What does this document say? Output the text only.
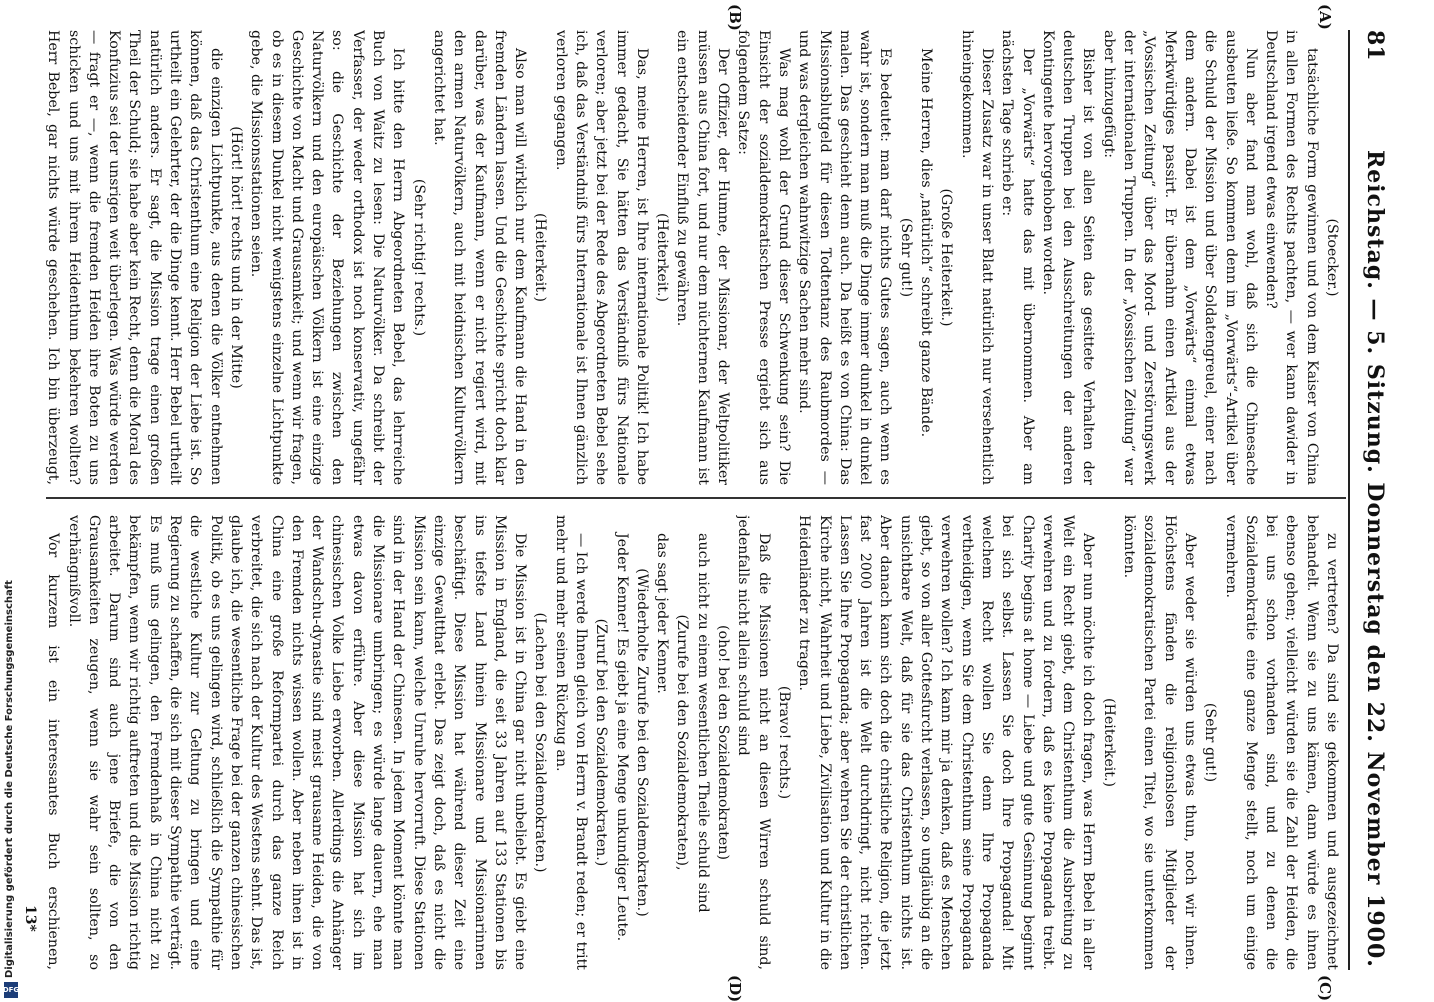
81
Reichstag. — 5. Sitzung. Donnerstag den 22. November 1900.

(Stoecker.)

tatsächliche Form gewinnen und von dem Kaiser von China in allen Formen des Rechts pachten, — wer kann dawider in Deutschland irgend etwas einwenden?

Nun aber fand man wohl, daß sich die Chinesache ausbeuten ließe. So kommen denn im „Vorwärts“-Artikel über die Schuld der Mission und über Soldatengreuel, einer nach dem andern. Dabei ist dem „Vorwärts“ einmal etwas Merkwürdiges passirt. Er übernahm einen Artikel aus der „Vossischen Zeitung“ über das Mord- und Zerstörungswerk der internationalen Truppen. In der „Vossischen Zeitung“ war aber hinzugefügt:

Bisher ist von allen Seiten das gesittete Verhalten der deutschen Truppen bei den Ausschreitungen der anderen Kontingente hervorgehoben worden.

Der „Vorwärts“ hatte das mit übernommen. Aber am nächsten Tage schrieb er:

Dieser Zusatz war in unser Blatt natürlich nur versehentlich hineingekommen.

(Große Heiterkeit.)

Meine Herren, dies „natürlich“ schreibt ganze Bände.

(Sehr gut!)

Es bedeutet: man darf nichts Gutes sagen, auch wenn es wahr ist, sondern man muß die Dinge immer dunkel in dunkel malen. Das geschieht denn auch. Da heißt es von China: Das Missionsblutgeld für diesen Todtentanz des Raubmordes — und was dergleichen wahnwitzige Sachen mehr sind.

Was mag wohl der Grund dieser Schwenkung sein? Die Einsicht der sozialdemokratischen Presse ergiebt sich aus folgendem Satze:

Der Offizier, der Humne, der Missionar, der Weltpolitiker müssen aus China fort, und nur dem nüchternen Kaufmann ist ein entscheidender Einfluß zu gewähren.

(Heiterkeit.)

Das, meine Herren, ist Ihre internationale Politik! Ich habe immer gedacht, Sie hätten das Verständniß fürs Nationale verloren; aber jetzt bei der Rede des Abgeordneten Bebel sehe ich, daß das Verständniß fürs Internationale ist Ihnen gänzlich verloren gegangen.

(Heiterkeit.)

Also man will wirklich nur dem Kaufmann die Hand in den fremden Ländern lassen. Und die Geschichte spricht doch klar darüber, was der Kaufmann, wenn er nicht regiert wird, mit den armen Naturvölkern, auch mit heidnischen Kulturvölkern angerichtet hat.

(Sehr richtig! rechts.)

Ich bitte den Herrn Abgeordneten Bebel, das lehrreiche Buch von Waitz zu lesen: Die Naturvölker. Da schreibt der Verfasser, der weder orthodox ist noch konservativ, ungefähr so: die Geschichte der Beziehungen zwischen den Naturvölkern und den europäischen Völkern ist eine einzige Geschichte von Macht und Grausamkeit; und wenn wir fragen, ob es in diesem Dunkel nicht wenigstens einzelne Lichtpunkte gebe, die Missionsstationen seien.

(Hört! hört! rechts und in der Mitte)

die einzigen Lichtpunkte, aus denen die Völker entnehmen können, daß das Christenthum eine Religion der Liebe ist. So urtheilt ein Gelehrter, der die Dinge kennt. Herr Bebel urtheilt natürlich anders. Er sagt, die Mission trage einen großen Theil der Schuld; sie habe aber kein Recht, denn die Moral des Konfuzius sei der unsrigen weit überlegen. Was würde werden — fragt er —, wenn die fremden Heiden ihre Boten zu uns schicken und uns mit ihrem Heidenthum bekehren wollten? Herr Bebel, gar nichts würde geschehen. Ich bin überzeugt,

zu vertreten? Da sind sie gekommen und ausgezeichnet behandelt. Wenn sie zu uns kämen, dann würde es ihnen ebenso gehen; vielleicht würden sie die Zahl der Heiden, die bei uns schon vorhanden sind, und zu denen die Sozialdemokratie eine ganze Menge stellt, noch um einige vermehren.

(Sehr gut!)

Aber weder sie würden uns etwas thun, noch wir ihnen. Höchstens fänden die religionslosen Mitglieder der sozialdemokratischen Partei einen Titel, wo sie unterkommen könnten.

(Heiterkeit.)

Aber nun möchte ich doch fragen, was Herrn Bebel in aller Welt ein Recht giebt, dem Christenthum die Ausbreitung zu verwehren und zu fordern, daß es keine Propaganda treibt. Charity begins at home — Liebe und gute Gesinnung beginnt bei sich selbst. Lassen Sie doch Ihre Propaganda! Mit welchem Recht wollen Sie denn Ihre Propaganda vertheidigen, wenn Sie dem Christenthum seine Propaganda verwehren wollen? Ich kann mir ja denken, daß es Menschen giebt, so von aller Gottesfurcht verlassen, so ungläubig an die unsichtbare Welt, daß für sie das Christenthum nichts ist. Aber danach kann sich doch die christliche Religion, die jetzt fast 2000 Jahren ist die Welt durchdringt, nicht richten. Lassen Sie Ihre Propaganda; aber wehren Sie der christlichen Kirche nicht, Wahrheit und Liebe, Zivilisation und Kultur in die Heidenländer zu tragen.

(Bravo! rechts.)

Daß die Missionen nicht an diesen Wirren schuld sind, jedenfalls nicht allein schuld sind

(oho! bei den Sozialdemokraten)

auch nicht zu einem wesentlichen Theile schuld sind

(Zurufe bei den Sozialdemokraten),

das sagt jeder Kenner.

(Wiederholte Zurufe bei den Sozialdemokraten.)

Jeder Kenner! Es giebt ja eine Menge unkundiger Leute.

(Zuruf bei den Sozialdemokraten.)

— Ich werde Ihnen gleich von Herrn v. Brandt reden; er tritt mehr und mehr seinen Rückzug an.

(Lachen bei den Sozialdemokraten.)

Die Mission ist in China gar nicht unbeliebt. Es giebt eine Mission in England, die seit 33 Jahren auf 133 Stationen bis ins tiefste Land hinein Missionare und Missionarinnen beschäftigt. Diese Mission hat während dieser Zeit eine einzige Gewaltthat erlebt. Das zeigt doch, daß es nicht die Mission sein kann, welche Unruhe hervorruft. Diese Stationen sind in der Hand der Chinesen. In jedem Moment könnte man die Missionare umbringen; es würde lange dauern, ehe man etwas davon erführe. Aber diese Mission hat sich im chinesischen Volke Liebe erworben. Allerdings die Anhänger der Wandschu-dynastie sind meist grausame Heiden, die von den Fremden nichts wissen wollen. Aber neben ihnen ist in China eine große Reformpartei durch das ganze Reich verbreitet, die sich nach der Kultur des Westens sehnt. Das ist, glaube ich, die wesentliche Frage bei der ganzen chinesischen Politik, ob es uns gelingen wird, schließlich die Sympathie für die westliche Kultur zur Geltung zu bringen und eine Regierung zu schaffen, die sich mit dieser Sympathie verträgt. Es muß uns gelingen, den Fremdenhaß in China nicht zu bekämpfen, wenn wir richtig auftreten und die Mission richtig arbeitet. Darum sind auch jene Briefe, die von den Grausamkeiten zeugen, wenn sie wahr sein sollten, so verhängnißvoll.

Vor kurzem ist ein interessantes Buch erschienen,

(A)
(B)
(C)
(D)
13*
Digitalisierung gefördert durch die Deutsche Forschungsgemeinschaft
DFG
